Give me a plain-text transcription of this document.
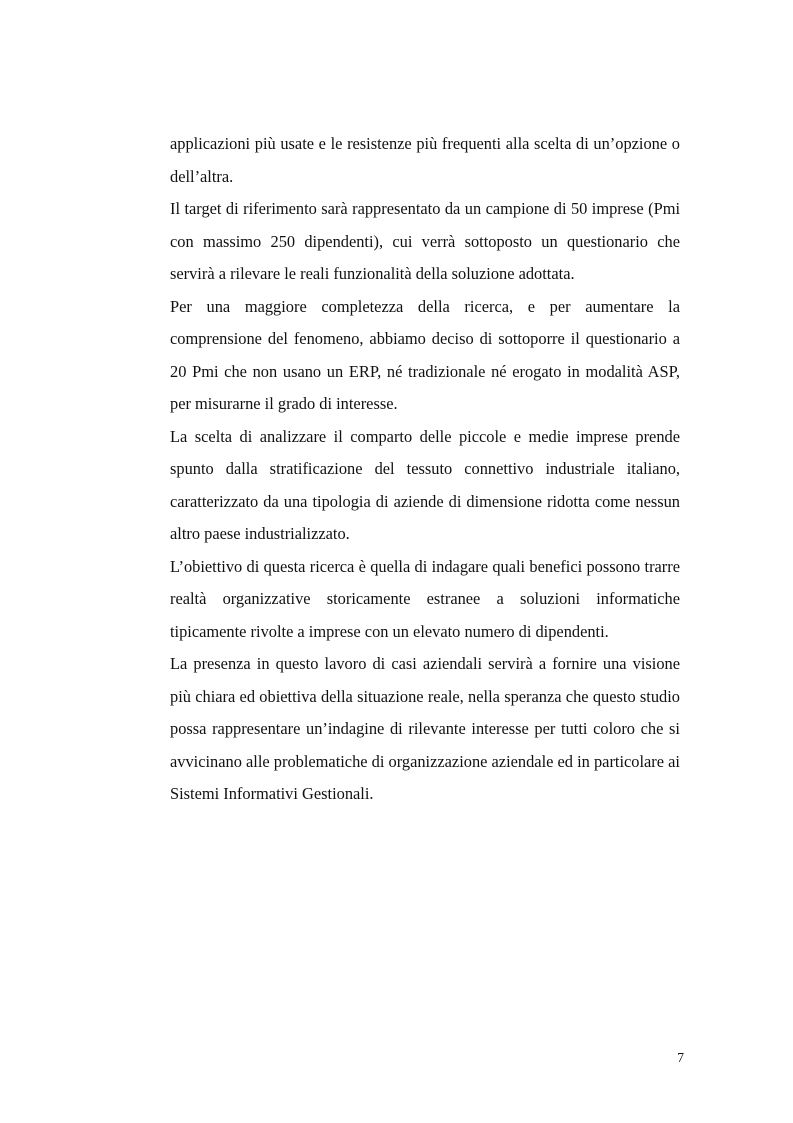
applicazioni più usate e le resistenze più frequenti alla scelta di un’opzione o dell’altra.

Il target di riferimento sarà rappresentato da un campione di 50 imprese (Pmi con massimo 250 dipendenti), cui verrà sottoposto un questionario che servirà a rilevare le reali funzionalità della soluzione adottata.

Per una maggiore completezza della ricerca, e per aumentare la comprensione del fenomeno, abbiamo deciso di sottoporre il questionario a 20 Pmi che non usano un ERP, né tradizionale né erogato in modalità ASP, per misurarne il grado di interesse.

La scelta di analizzare il comparto delle piccole e medie imprese prende spunto dalla stratificazione del tessuto connettivo industriale italiano, caratterizzato da una tipologia di aziende di dimensione ridotta come nessun altro paese industrializzato.

L’obiettivo di questa ricerca è quella di indagare quali benefici possono trarre realtà organizzative storicamente estranee a soluzioni informatiche tipicamente rivolte a imprese con un elevato numero di dipendenti.

La presenza in questo lavoro di casi aziendali servirà a fornire una visione più chiara ed obiettiva della situazione reale, nella speranza che questo studio possa rappresentare un’indagine di rilevante interesse per tutti coloro che si avvicinano alle problematiche di organizzazione aziendale ed in particolare ai Sistemi Informativi Gestionali.

7
